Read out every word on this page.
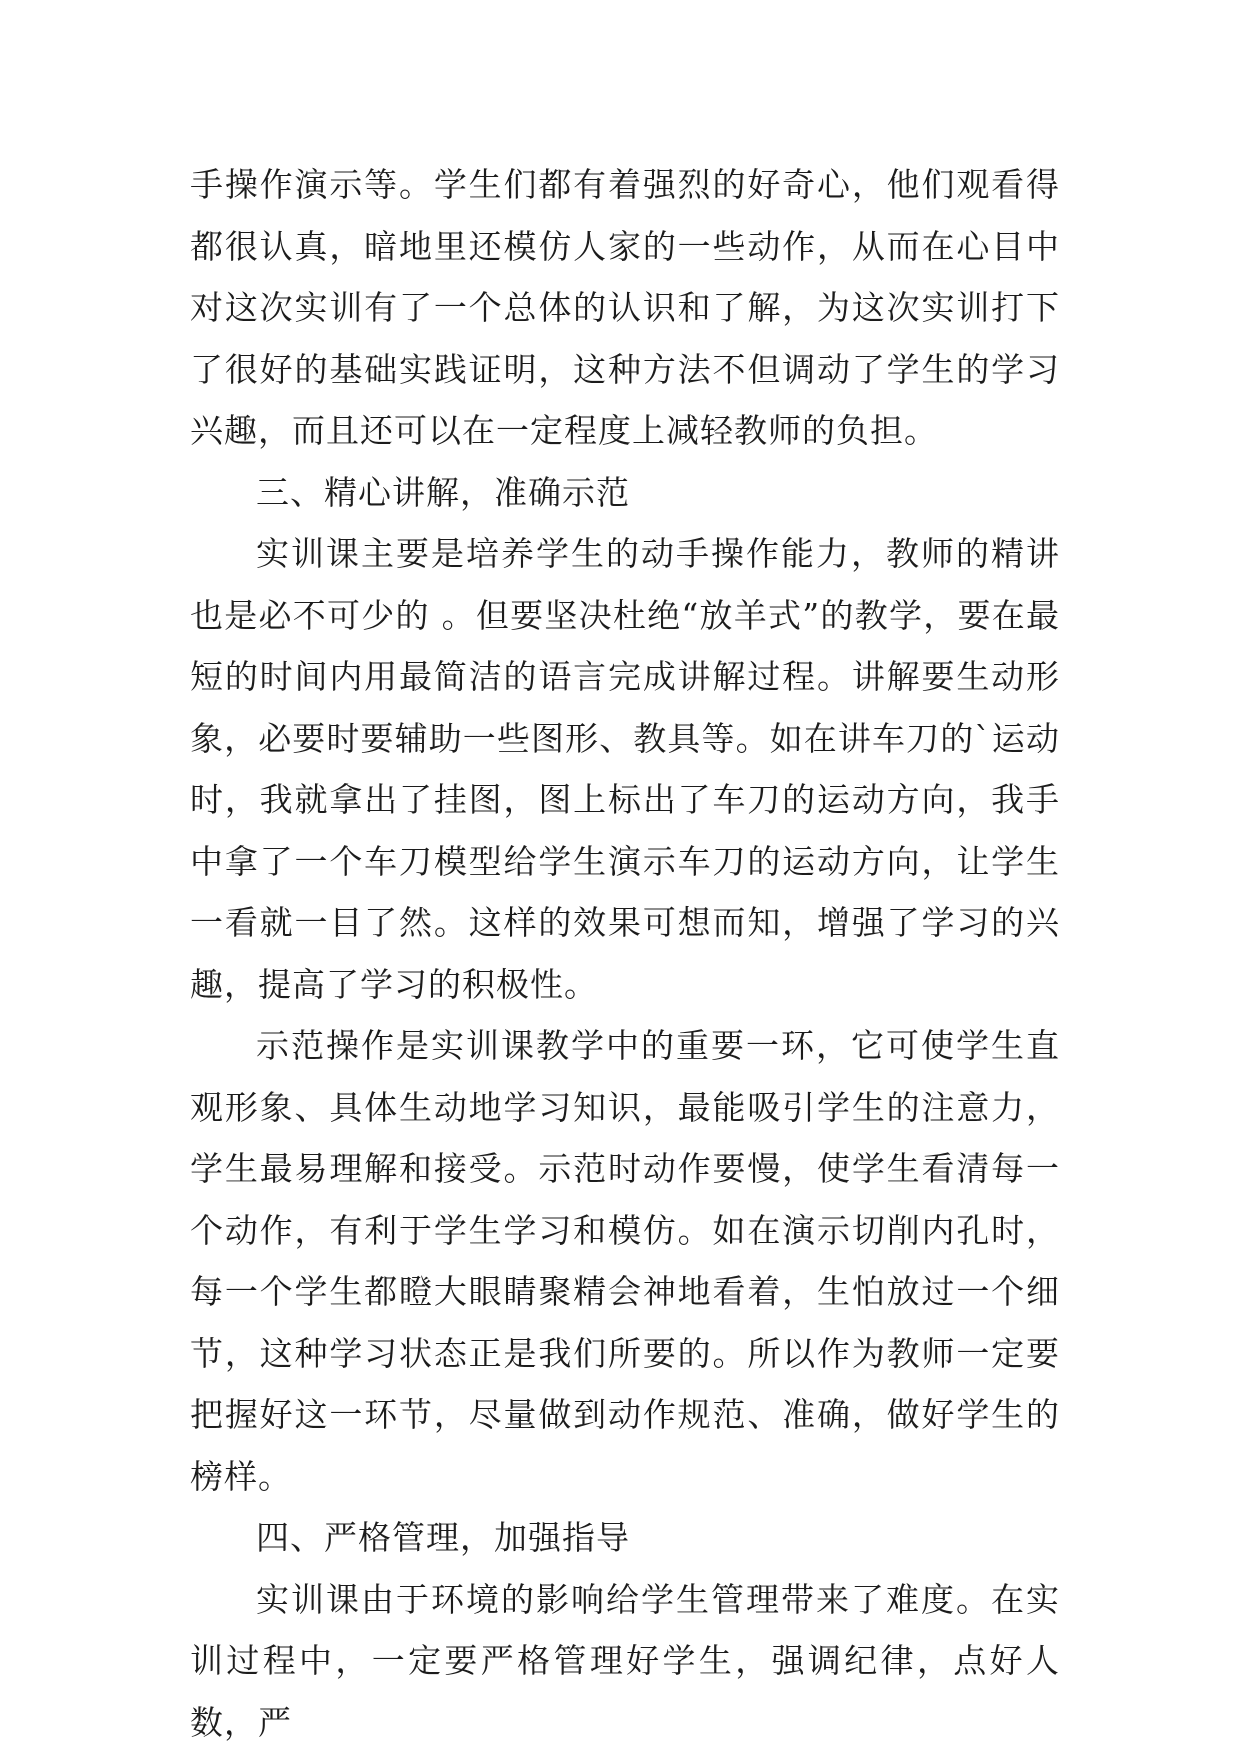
手操作演示等。学生们都有着强烈的好奇心，他们观看得都很认真，暗地里还模仿人家的一些动作，从而在心目中对这次实训有了一个总体的认识和了解，为这次实训打下了很好的基础实践证明，这种方法不但调动了学生的学习兴趣，而且还可以在一定程度上减轻教师的负担。

三、精心讲解，准确示范

实训课主要是培养学生的动手操作能力，教师的精讲也是必不可少的 。但要坚决杜绝“放羊式”的教学，要在最短的时间内用最简洁的语言完成讲解过程。讲解要生动形象，必要时要辅助一些图形、教具等。如在讲车刀的`运动时，我就拿出了挂图，图上标出了车刀的运动方向，我手中拿了一个车刀模型给学生演示车刀的运动方向，让学生一看就一目了然。这样的效果可想而知，增强了学习的兴趣，提高了学习的积极性。

示范操作是实训课教学中的重要一环，它可使学生直观形象、具体生动地学习知识，最能吸引学生的注意力，学生最易理解和接受。示范时动作要慢，使学生看清每一个动作，有利于学生学习和模仿。如在演示切削内孔时，每一个学生都瞪大眼睛聚精会神地看着，生怕放过一个细节，这种学习状态正是我们所要的。所以作为教师一定要把握好这一环节，尽量做到动作规范、准确，做好学生的榜样。

四、严格管理，加强指导

实训课由于环境的影响给学生管理带来了难度。在实训过程中，一定要严格管理好学生，强调纪律，点好人数，严
